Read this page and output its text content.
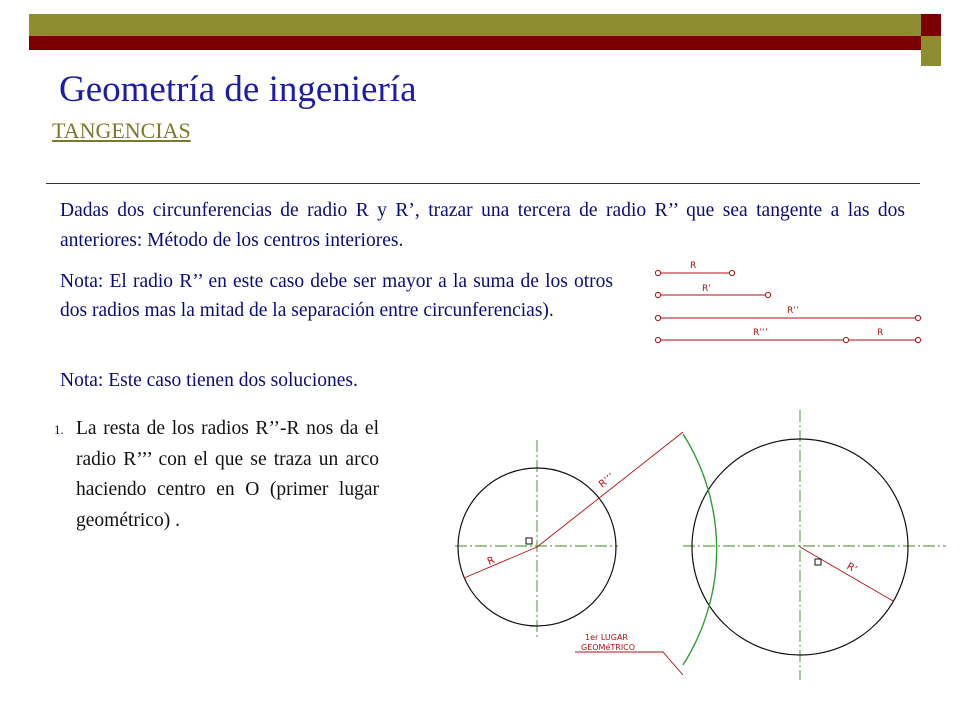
Geometría de ingeniería
TANGENCIAS
Dadas dos circunferencias de radio R y R’, trazar una tercera de radio R’’ que sea tangente a las dos anteriores: Método de los centros interiores.
Nota: El radio R’’ en este caso debe ser mayor a la suma de los otros dos radios mas la mitad de la separación entre circunferencias).
Nota: Este caso tienen dos soluciones.
1. La resta de los radios R’’-R nos da el radio R’’’ con el que se traza un arco haciendo centro en O (primer lugar geométrico) .
R
R’
R’’
R’’’	R
R’’’
R	R’
1er LUGAR
GEOMéTRICO
